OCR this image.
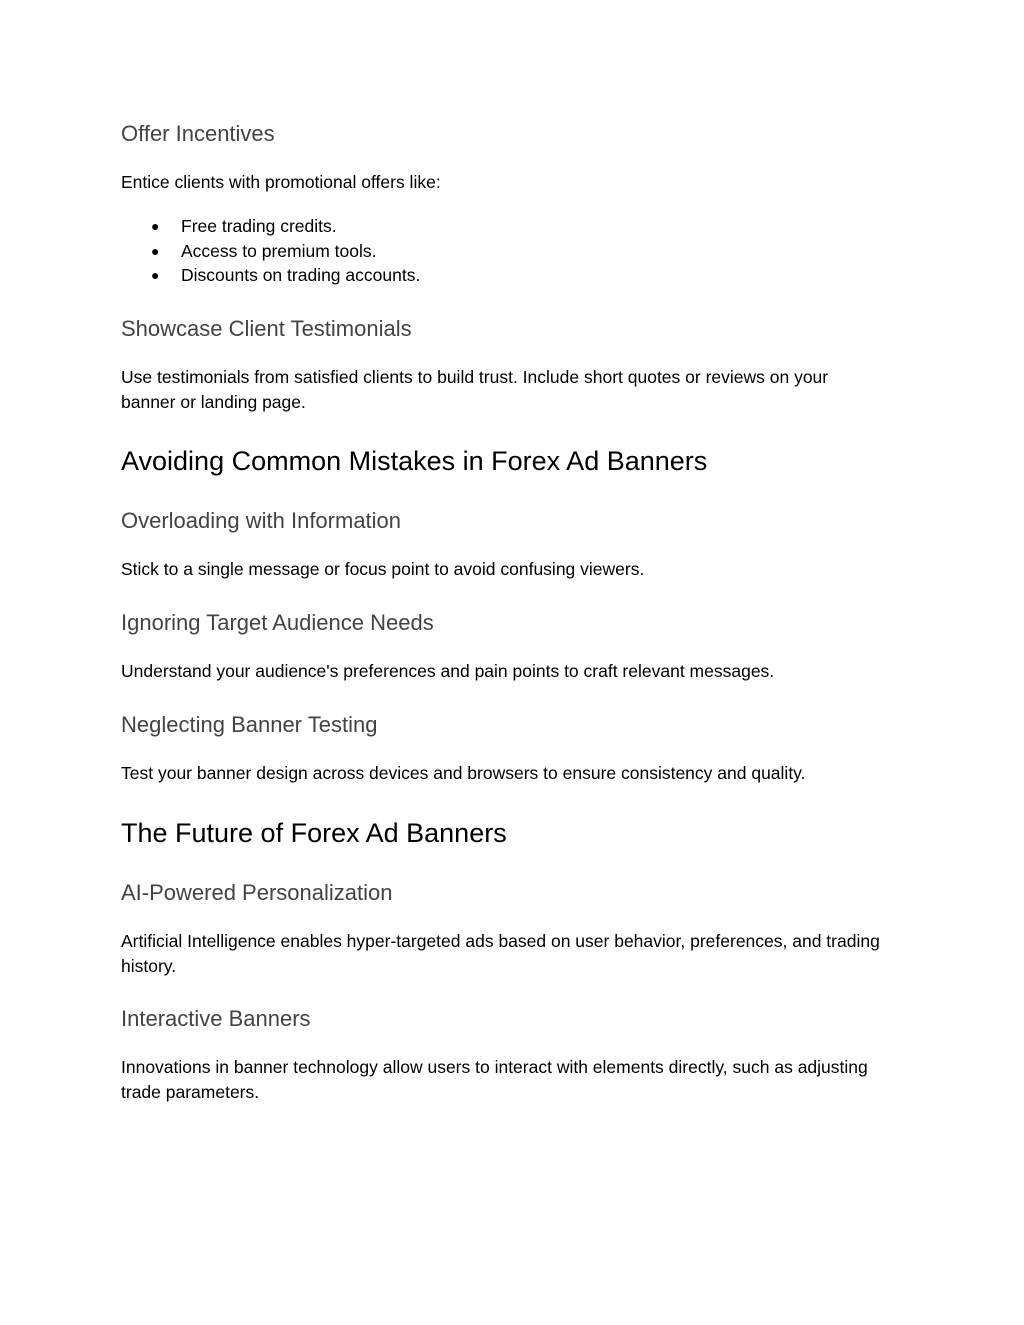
Offer Incentives

Entice clients with promotional offers like:

● Free trading credits.
● Access to premium tools.
● Discounts on trading accounts.
Showcase Client Testimonials

Use testimonials from satisfied clients to build trust. Include short quotes or reviews on your banner or landing page.

Avoiding Common Mistakes in Forex Ad Banners
Overloading with Information

Stick to a single message or focus point to avoid confusing viewers.

Ignoring Target Audience Needs

Understand your audience's preferences and pain points to craft relevant messages.

Neglecting Banner Testing

Test your banner design across devices and browsers to ensure consistency and quality.

The Future of Forex Ad Banners
AI-Powered Personalization

Artificial Intelligence enables hyper-targeted ads based on user behavior, preferences, and trading history.

Interactive Banners

Innovations in banner technology allow users to interact with elements directly, such as adjusting trade parameters.
